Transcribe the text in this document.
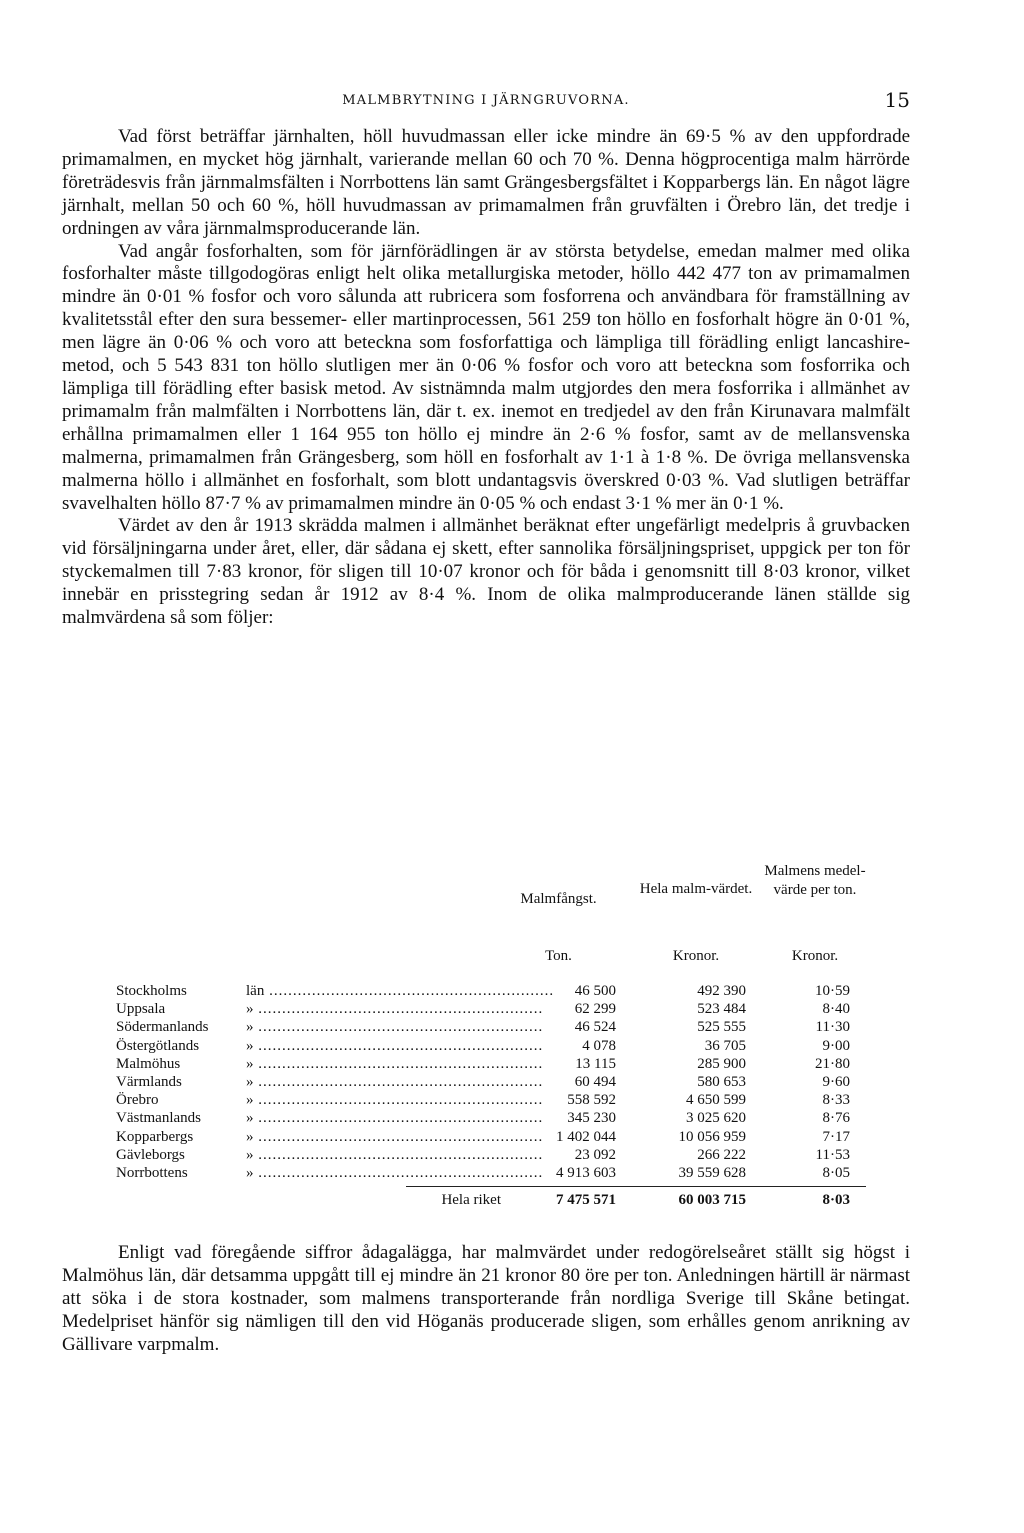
MALMBRYTNING I JÄRNGRUVORNA.	15

Vad först beträffar järnhalten, höll huvudmassan eller icke mindre än 69·5 % av den uppfordrade primamalmen, en mycket hög järnhalt, varierande mellan 60 och 70 %. Denna högprocentiga malm härrörde företrädesvis från järnmalmsfälten i Norrbottens län samt Grängesbergsfältet i Kopparbergs län. En något lägre järnhalt, mellan 50 och 60 %, höll huvudmassan av primamalmen från gruvfälten i Örebro län, det tredje i ordningen av våra järnmalmsproducerande län.

Vad angår fosforhalten, som för järnförädlingen är av största betydelse, emedan malmer med olika fosforhalter måste tillgodogöras enligt helt olika metallurgiska metoder, höllo 442 477 ton av primamalmen mindre än 0·01 % fosfor och voro sålunda att rubricera som fosforrena och användbara för framställning av kvalitetsstål efter den sura bessemer- eller martinprocessen, 561 259 ton höllo en fosforhalt högre än 0·01 %, men lägre än 0·06 % och voro att beteckna som fosforfattiga och lämpliga till förädling enligt lancashire-metod, och 5 543 831 ton höllo slutligen mer än 0·06 % fosfor och voro att beteckna som fosforrika och lämpliga till förädling efter basisk metod. Av sistnämnda malm utgjordes den mera fosforrika i allmänhet av primamalm från malmfälten i Norrbottens län, där t. ex. inemot en tredjedel av den från Kirunavara malmfält erhållna primamalmen eller 1 164 955 ton höllo ej mindre än 2·6 % fosfor, samt av de mellansvenska malmerna, primamalmen från Grängesberg, som höll en fosforhalt av 1·1 à 1·8 %. De övriga mellansvenska malmerna höllo i allmänhet en fosforhalt, som blott undantagsvis överskred 0·03 %. Vad slutligen beträffar svavelhalten höllo 87·7 % av primamalmen mindre än 0·05 % och endast 3·1 % mer än 0·1 %.

Värdet av den år 1913 skrädda malmen i allmänhet beräknat efter ungefärligt medelpris å gruvbacken vid försäljningarna under året, eller, där sådana ej skett, efter sannolika försäljningspriset, uppgick per ton för styckemalmen till 7·83 kronor, för sligen till 10·07 kronor och för båda i genomsnitt till 8·03 kronor, vilket innebär en prisstegring sedan år 1912 av 8·4 %. Inom de olika malmproducerande länen ställde sig malmvärdena så som följer:

Malmfångst.
Hela malm-värdet.
Malmens medel-värde per ton.
Ton.	Kronor.	Kronor.
Stockholms	län ............................................................	46 500	492 390	10·59
Uppsala	» ............................................................	62 299	523 484	8·40
Södermanlands	» ............................................................	46 524	525 555	11·30
Östergötlands	» ............................................................	4 078	36 705	9·00
Malmöhus	» ............................................................	13 115	285 900	21·80
Värmlands	» ............................................................	60 494	580 653	9·60
Örebro	» ............................................................	558 592	4 650 599	8·33
Västmanlands	» ............................................................	345 230	3 025 620	8·76
Kopparbergs	» ............................................................ 1 402 044	10 056 959	7·17
Gävleborgs	» ............................................................	23 092	266 222	11·53
Norrbottens	» ............................................................ 4 913 603	39 559 628	8·05
Hela riket	7 475 571	60 003 715	8·03

Enligt vad föregående siffror ådagalägga, har malmvärdet under redogörelseåret ställt sig högst i Malmöhus län, där detsamma uppgått till ej mindre än 21 kronor 80 öre per ton. Anledningen härtill är närmast att söka i de stora kostnader, som malmens transporterande från nordliga Sverige till Skåne betingat. Medelpriset hänför sig nämligen till den vid Höganäs producerade sligen, som erhålles genom anrikning av Gällivare varpmalm.
